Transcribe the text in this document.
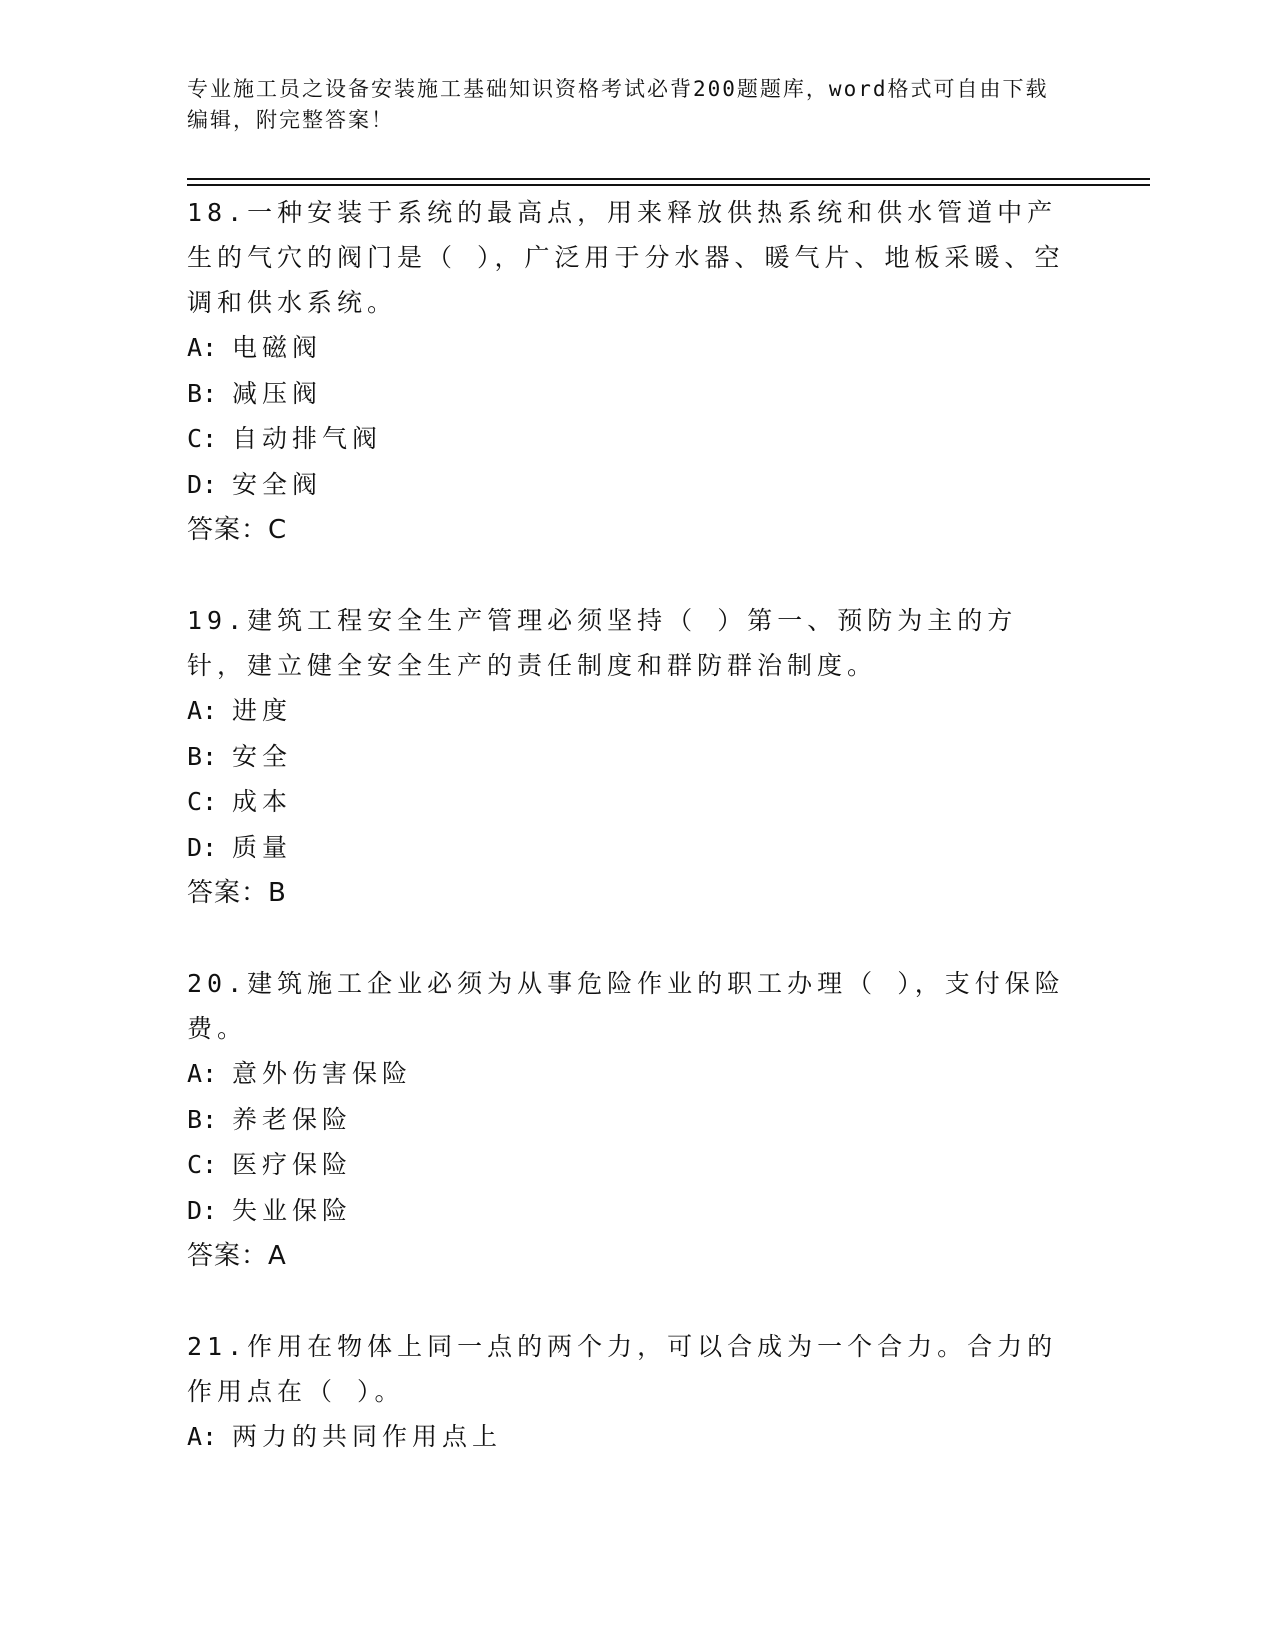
专业施工员之设备安装施工基础知识资格考试必背200题题库，word格式可自由下载编辑，附完整答案！

18.一种安装于系统的最高点，用来释放供热系统和供水管道中产生的气穴的阀门是（ ），广泛用于分水器、暖气片、地板采暖、空调和供水系统。

A: 电磁阀
B: 减压阀
C: 自动排气阀
D: 安全阀
答案：C

19.建筑工程安全生产管理必须坚持（ ）第一、预防为主的方针，建立健全安全生产的责任制度和群防群治制度。

A: 进度
B: 安全
C: 成本
D: 质量
答案：B

20.建筑施工企业必须为从事危险作业的职工办理（ ），支付保险费。

A: 意外伤害保险
B: 养老保险
C: 医疗保险
D: 失业保险
答案：A

21.作用在物体上同一点的两个力，可以合成为一个合力。合力的作用点在（ ）。

A: 两力的共同作用点上
